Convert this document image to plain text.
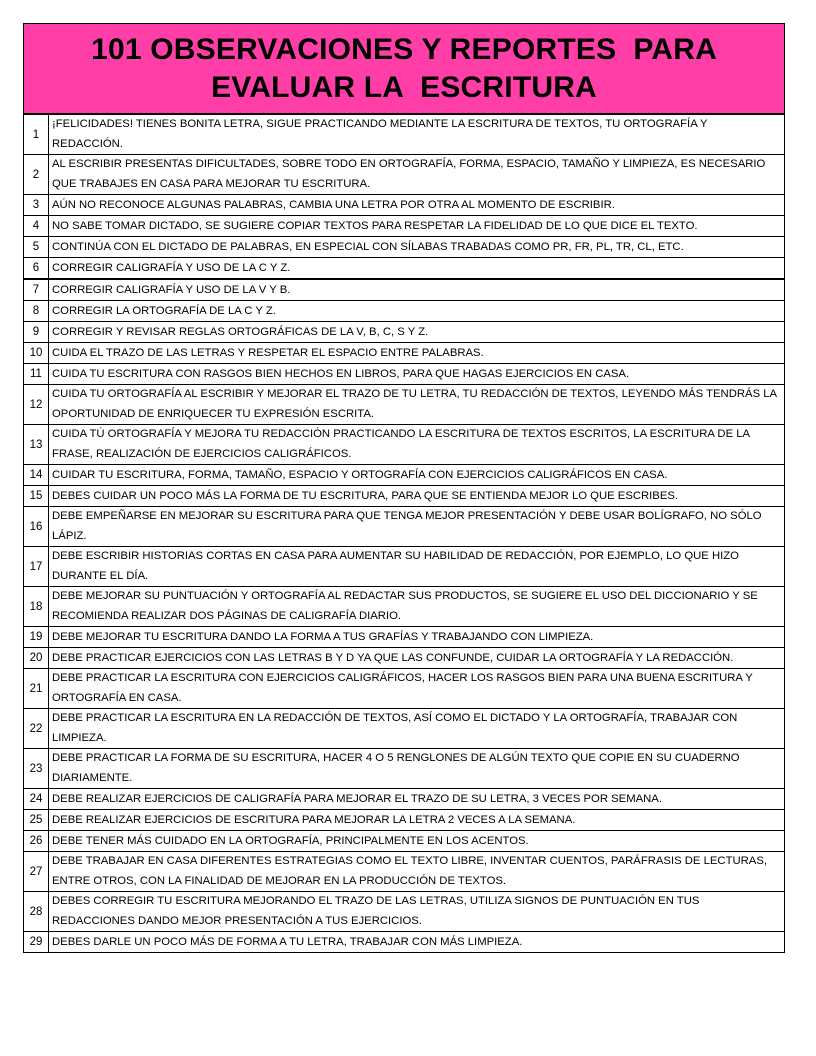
101 OBSERVACIONES Y REPORTES  PARA
EVALUAR LA  ESCRITURA
1	¡FELICIDADES! TIENES BONITA LETRA, SIGUE PRACTICANDO MEDIANTE LA ESCRITURA DE TEXTOS, TU ORTOGRAFÍA Y REDACCIÓN.
2	AL ESCRIBIR PRESENTAS DIFICULTADES, SOBRE TODO EN ORTOGRAFÍA, FORMA, ESPACIO, TAMAÑO Y LIMPIEZA, ES NECESARIO QUE TRABAJES EN CASA PARA MEJORAR TU ESCRITURA.
3	AÚN NO RECONOCE ALGUNAS PALABRAS, CAMBIA UNA LETRA POR OTRA AL MOMENTO DE ESCRIBIR.
4	NO SABE TOMAR DICTADO, SE SUGIERE COPIAR TEXTOS PARA RESPETAR LA FIDELIDAD DE LO QUE DICE EL TEXTO.
5	CONTINÚA CON EL DICTADO DE PALABRAS, EN ESPECIAL CON SÍLABAS TRABADAS COMO PR, FR, PL, TR, CL, ETC.
6	CORREGIR CALIGRAFÍA Y USO DE LA C Y Z.
7	CORREGIR CALIGRAFÍA Y USO DE LA V Y B.
8	CORREGIR LA ORTOGRAFÍA DE LA C Y Z.
9	CORREGIR Y REVISAR REGLAS ORTOGRÁFICAS DE LA V, B, C, S Y Z.
10	CUIDA EL TRAZO DE LAS LETRAS Y RESPETAR EL ESPACIO ENTRE PALABRAS.
11	CUIDA TU ESCRITURA CON RASGOS BIEN HECHOS EN LIBROS, PARA QUE HAGAS EJERCICIOS EN CASA.
12	CUIDA TU ORTOGRAFÍA AL ESCRIBIR Y MEJORAR EL TRAZO DE TU LETRA, TU REDACCIÓN DE TEXTOS, LEYENDO MÁS TENDRÁS LA OPORTUNIDAD DE ENRIQUECER TU EXPRESIÓN ESCRITA.
13	CUIDA TÚ ORTOGRAFÍA Y MEJORA TU REDACCIÓN PRACTICANDO LA ESCRITURA DE TEXTOS ESCRITOS, LA ESCRITURA DE LA FRASE, REALIZACIÓN DE EJERCICIOS CALIGRÁFICOS.
14	CUIDAR TU ESCRITURA, FORMA, TAMAÑO, ESPACIO Y ORTOGRAFÍA CON EJERCICIOS CALIGRÁFICOS EN CASA.
15	DEBES CUIDAR UN POCO MÁS LA FORMA DE TU ESCRITURA, PARA QUE SE ENTIENDA MEJOR LO QUE ESCRIBES.
16	DEBE EMPEÑARSE EN MEJORAR SU ESCRITURA PARA QUE TENGA MEJOR PRESENTACIÓN Y DEBE USAR BOLÍGRAFO, NO SÓLO LÁPIZ.
17	DEBE ESCRIBIR HISTORIAS CORTAS EN CASA PARA AUMENTAR SU HABILIDAD DE REDACCIÓN, POR EJEMPLO, LO QUE HIZO DURANTE EL DÍA.
18	DEBE MEJORAR SU PUNTUACIÓN Y ORTOGRAFÍA AL REDACTAR SUS PRODUCTOS, SE SUGIERE EL USO DEL DICCIONARIO Y SE RECOMIENDA REALIZAR DOS PÁGINAS DE CALIGRAFÍA DIARIO.
19	DEBE MEJORAR TU ESCRITURA DANDO LA FORMA A TUS GRAFÍAS Y TRABAJANDO CON LIMPIEZA.
20	DEBE PRACTICAR EJERCICIOS CON LAS LETRAS B Y D YA QUE LAS CONFUNDE, CUIDAR LA ORTOGRAFÍA Y LA REDACCIÓN.
21	DEBE PRACTICAR LA ESCRITURA CON EJERCICIOS CALIGRÁFICOS, HACER LOS RASGOS BIEN PARA UNA BUENA ESCRITURA Y ORTOGRAFÍA EN CASA.
22	DEBE PRACTICAR LA ESCRITURA EN LA REDACCIÓN DE TEXTOS, ASÍ COMO EL DICTADO Y LA ORTOGRAFÍA, TRABAJAR CON LIMPIEZA.
23	DEBE PRACTICAR LA FORMA DE SU ESCRITURA, HACER 4 O 5 RENGLONES DE ALGÚN TEXTO QUE COPIE EN SU CUADERNO DIARIAMENTE.
24	DEBE REALIZAR EJERCICIOS DE CALIGRAFÍA PARA MEJORAR EL TRAZO DE SU LETRA, 3 VECES POR SEMANA.
25	DEBE REALIZAR EJERCICIOS DE ESCRITURA PARA MEJORAR LA LETRA 2 VECES A LA SEMANA.
26	DEBE TENER MÁS CUIDADO EN LA ORTOGRAFÍA, PRINCIPALMENTE EN LOS ACENTOS.
27	DEBE TRABAJAR EN CASA DIFERENTES ESTRATEGIAS COMO EL TEXTO LIBRE, INVENTAR CUENTOS, PARÁFRASIS DE LECTURAS, ENTRE OTROS, CON LA FINALIDAD DE MEJORAR EN LA PRODUCCIÓN DE TEXTOS.
28	DEBES CORREGIR TU ESCRITURA MEJORANDO EL TRAZO DE LAS LETRAS, UTILIZA SIGNOS DE PUNTUACIÓN EN TUS REDACCIONES DANDO MEJOR PRESENTACIÓN A TUS EJERCICIOS.
29	DEBES DARLE UN POCO MÁS DE FORMA A TU LETRA, TRABAJAR CON MÁS LIMPIEZA.
